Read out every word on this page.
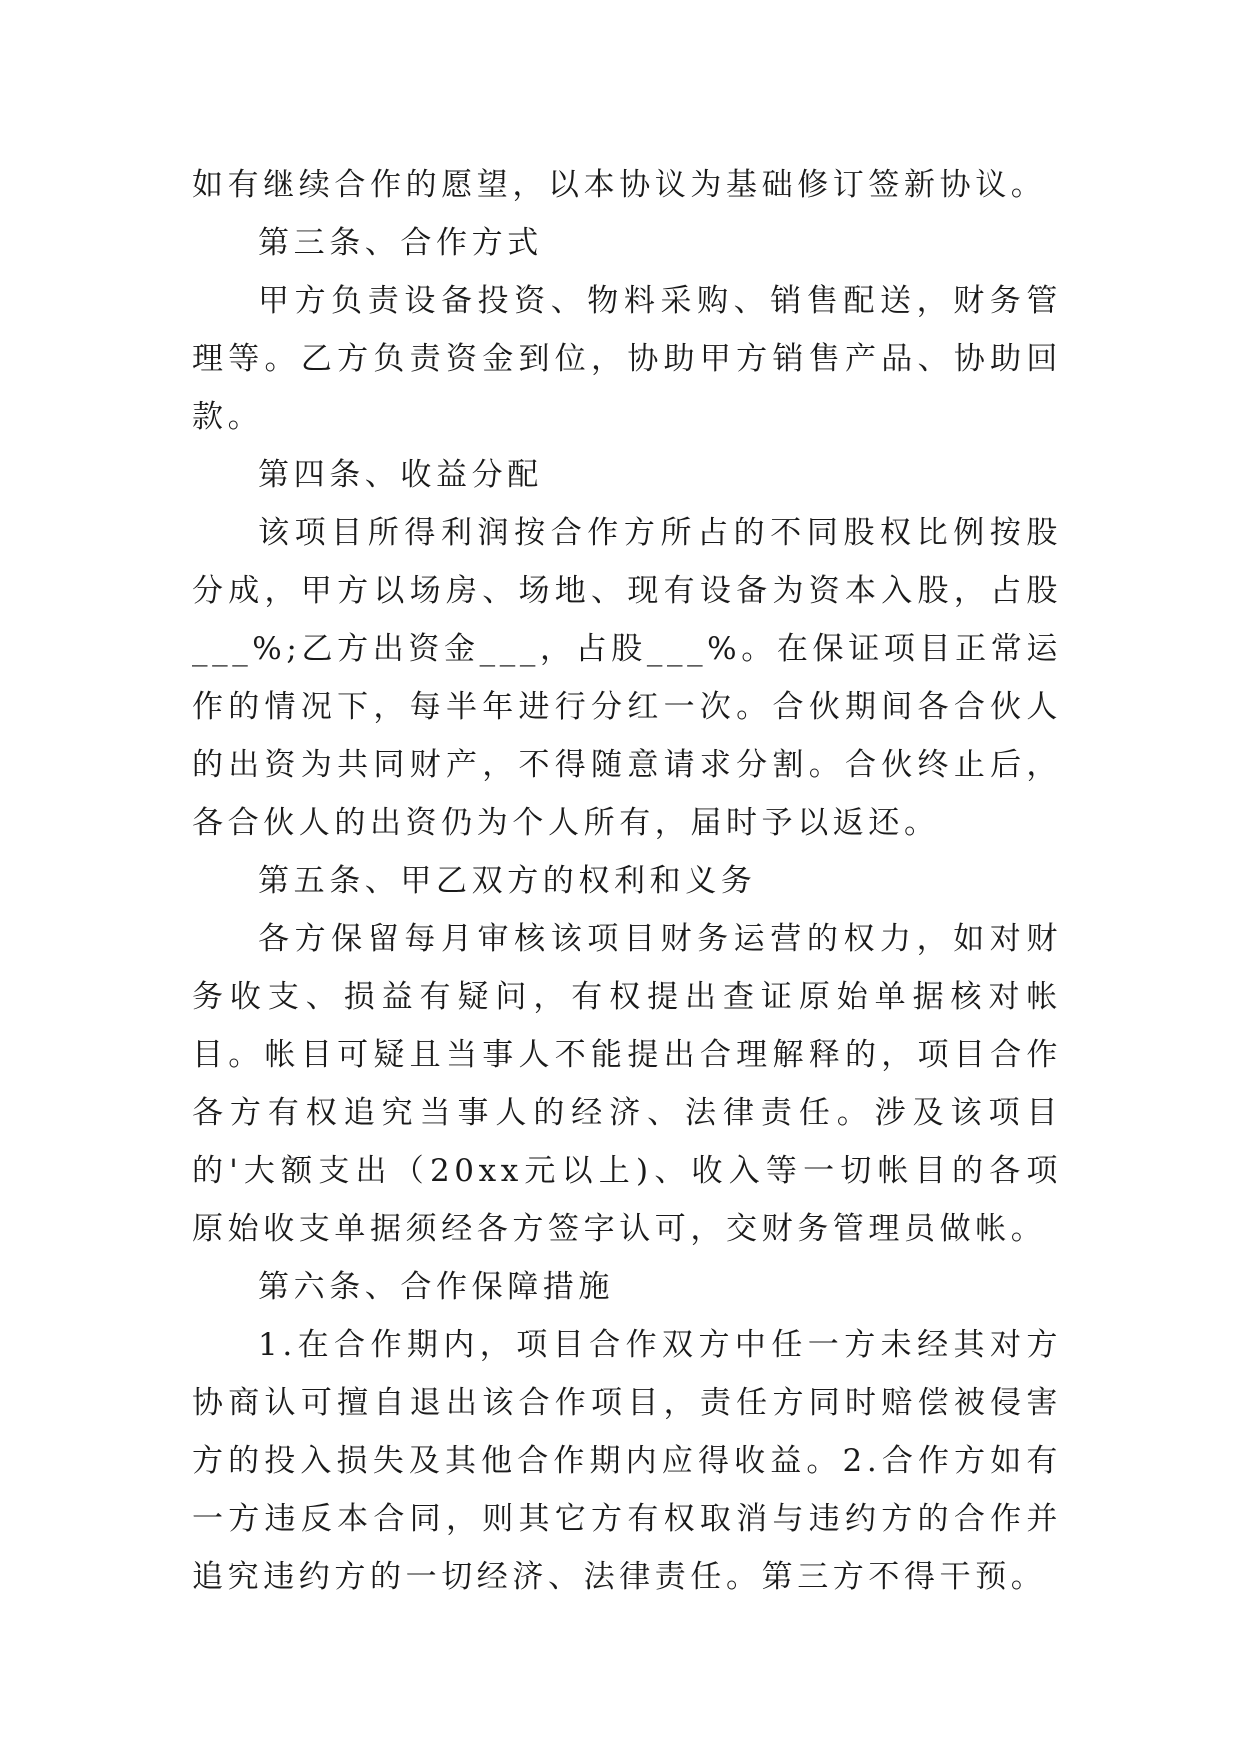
如有继续合作的愿望，以本协议为基础修订签新协议。

第三条、合作方式

甲方负责设备投资、物料采购、销售配送，财务管理等。乙方负责资金到位，协助甲方销售产品、协助回款。

第四条、收益分配

该项目所得利润按合作方所占的不同股权比例按股分成，甲方以场房、场地、现有设备为资本入股，占股___%;乙方出资金___，占股___%。在保证项目正常运作的情况下，每半年进行分红一次。合伙期间各合伙人的出资为共同财产，不得随意请求分割。合伙终止后，各合伙人的出资仍为个人所有，届时予以返还。

第五条、甲乙双方的权利和义务

各方保留每月审核该项目财务运营的权力，如对财务收支、损益有疑问，有权提出查证原始单据核对帐目。帐目可疑且当事人不能提出合理解释的，项目合作各方有权追究当事人的经济、法律责任。涉及该项目的'大额支出（20xx元以上)、收入等一切帐目的各项原始收支单据须经各方签字认可，交财务管理员做帐。

第六条、合作保障措施

1.在合作期内，项目合作双方中任一方未经其对方协商认可擅自退出该合作项目，责任方同时赔偿被侵害方的投入损失及其他合作期内应得收益。2.合作方如有一方违反本合同，则其它方有权取消与违约方的合作并追究违约方的一切经济、法律责任。第三方不得干预。
